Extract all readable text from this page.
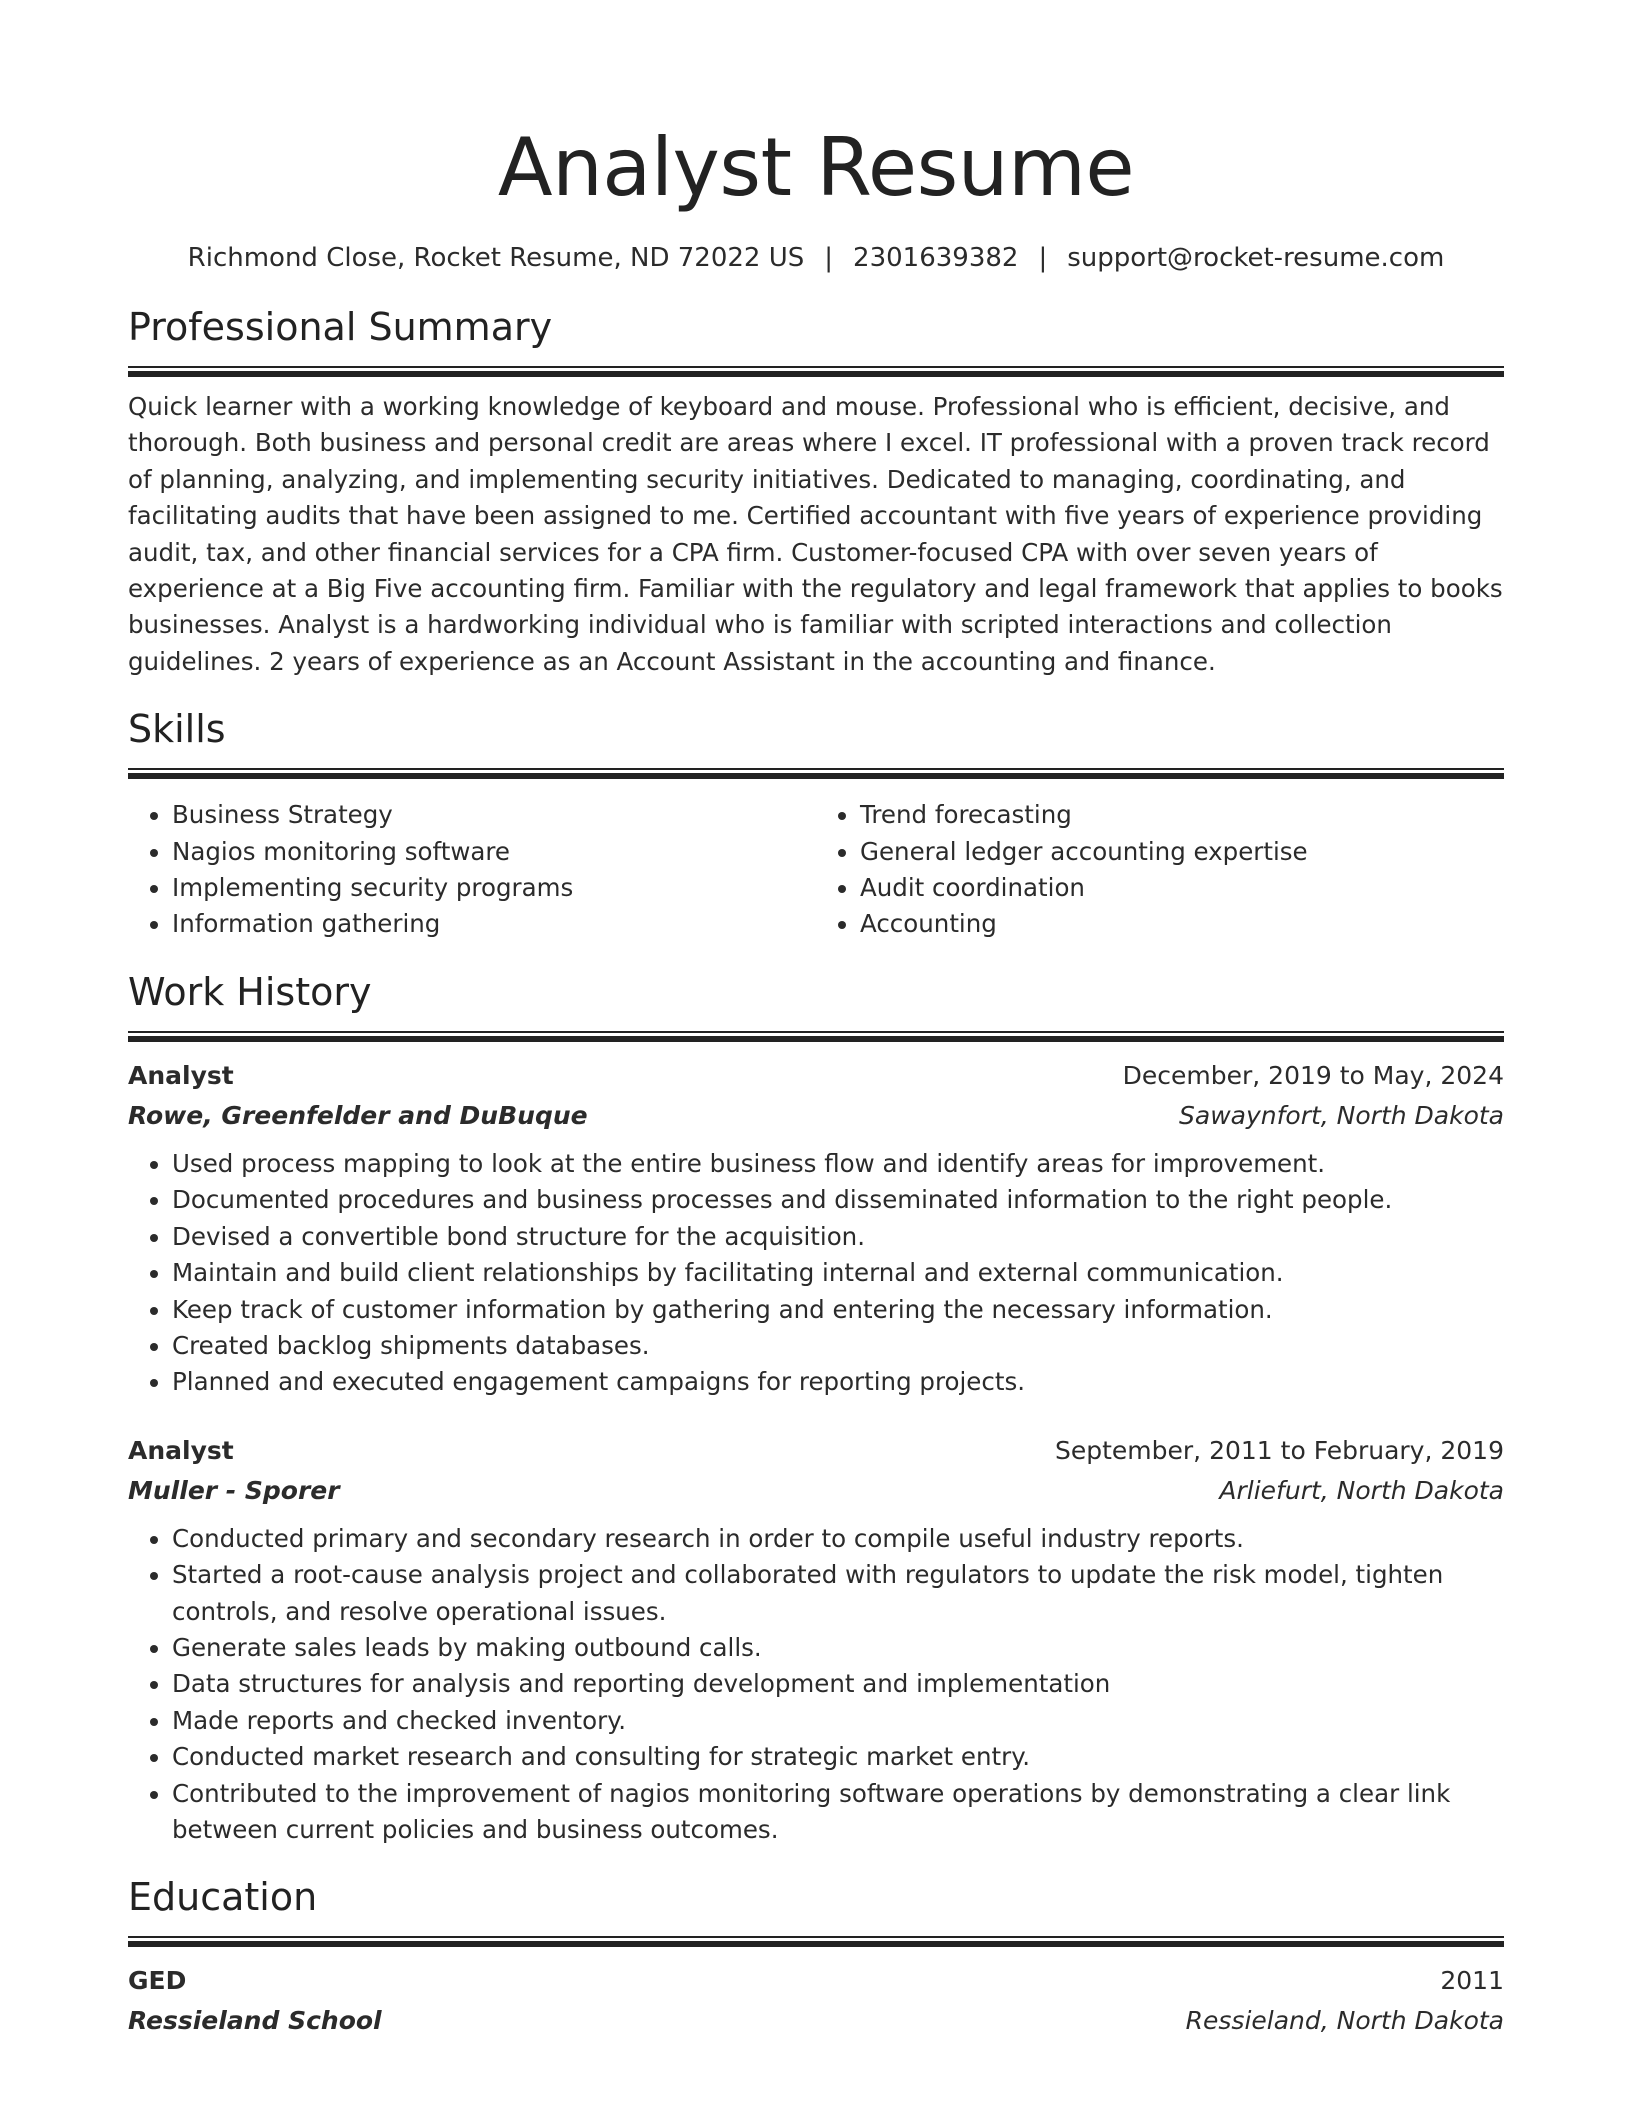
Analyst Resume
Richmond Close, Rocket Resume, ND 72022 US | 2301639382 | support@rocket-resume.com
Professional Summary

Quick learner with a working knowledge of keyboard and mouse. Professional who is efficient, decisive, and thorough. Both business and personal credit are areas where I excel. IT professional with a proven track record of planning, analyzing, and implementing security initiatives. Dedicated to managing, coordinating, and facilitating audits that have been assigned to me. Certified accountant with five years of experience providing audit, tax, and other financial services for a CPA firm. Customer-focused CPA with over seven years of experience at a Big Five accounting firm. Familiar with the regulatory and legal framework that applies to books businesses. Analyst is a hardworking individual who is familiar with scripted interactions and collection guidelines. 2 years of experience as an Account Assistant in the accounting and finance.

Skills
• Business Strategy
• Nagios monitoring software
• Implementing security programs
• Information gathering
• Trend forecasting
• General ledger accounting expertise
• Audit coordination
• Accounting
Work History
Analyst	December, 2019 to May, 2024
Rowe, Greenfelder and DuBuque	Sawaynfort, North Dakota
• Used process mapping to look at the entire business flow and identify areas for improvement.
• Documented procedures and business processes and disseminated information to the right people.
• Devised a convertible bond structure for the acquisition.
• Maintain and build client relationships by facilitating internal and external communication.
• Keep track of customer information by gathering and entering the necessary information.
• Created backlog shipments databases.
• Planned and executed engagement campaigns for reporting projects.
Analyst	September, 2011 to February, 2019
Muller - Sporer	Arliefurt, North Dakota
• Conducted primary and secondary research in order to compile useful industry reports.
• Started a root-cause analysis project and collaborated with regulators to update the risk model, tighten controls, and resolve operational issues.
• Generate sales leads by making outbound calls.
• Data structures for analysis and reporting development and implementation
• Made reports and checked inventory.
• Conducted market research and consulting for strategic market entry.
• Contributed to the improvement of nagios monitoring software operations by demonstrating a clear link between current policies and business outcomes.
Education
GED	2011
Ressieland School	Ressieland, North Dakota
